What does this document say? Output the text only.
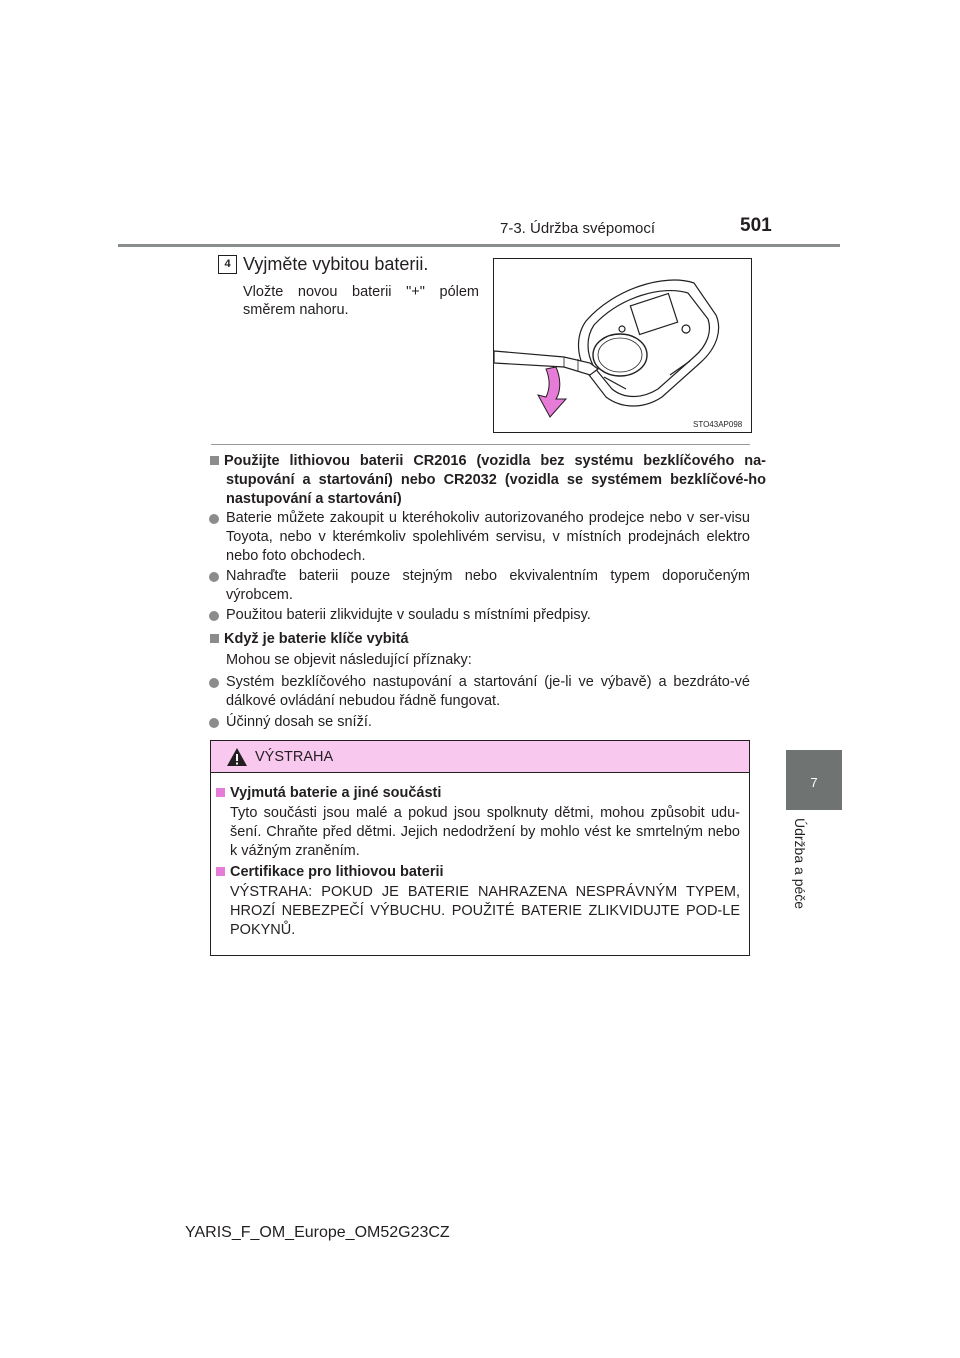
7-3. Údržba svépomocí	501
7
Údržba a péče
4 Vyjměte vybitou baterii.
Vložte novou baterii "+" pólem směrem nahoru.
STO43AP098
Použijte lithiovou baterii CR2016 (vozidla bez systému bezklíčového na-stupování a startování) nebo CR2032 (vozidla se systémem bezklíčové-ho nastupování a startování)
Baterie můžete zakoupit u kteréhokoliv autorizovaného prodejce nebo v ser-visu Toyota, nebo v kterémkoliv spolehlivém servisu, v místních prodejnách elektro nebo foto obchodech.
Nahraďte baterii pouze stejným nebo ekvivalentním typem doporučeným výrobcem.
Použitou baterii zlikvidujte v souladu s místními předpisy.
Když je baterie klíče vybitá
Mohou se objevit následující příznaky:
Systém bezklíčového nastupování a startování (je-li ve výbavě) a bezdráto-vé dálkové ovládání nebudou řádně fungovat.
Účinný dosah se sníží.
VÝSTRAHA
Vyjmutá baterie a jiné součásti
Tyto součásti jsou malé a pokud jsou spolknuty dětmi, mohou způsobit udu-šení. Chraňte před dětmi. Jejich nedodržení by mohlo vést ke smrtelným nebo k vážným zraněním.
Certifikace pro lithiovou baterii
VÝSTRAHA: POKUD JE BATERIE NAHRAZENA NESPRÁVNÝM TYPEM, HROZÍ NEBEZPEČÍ VÝBUCHU. POUŽITÉ BATERIE ZLIKVIDUJTE POD-LE POKYNŮ.
YARIS_F_OM_Europe_OM52G23CZ
